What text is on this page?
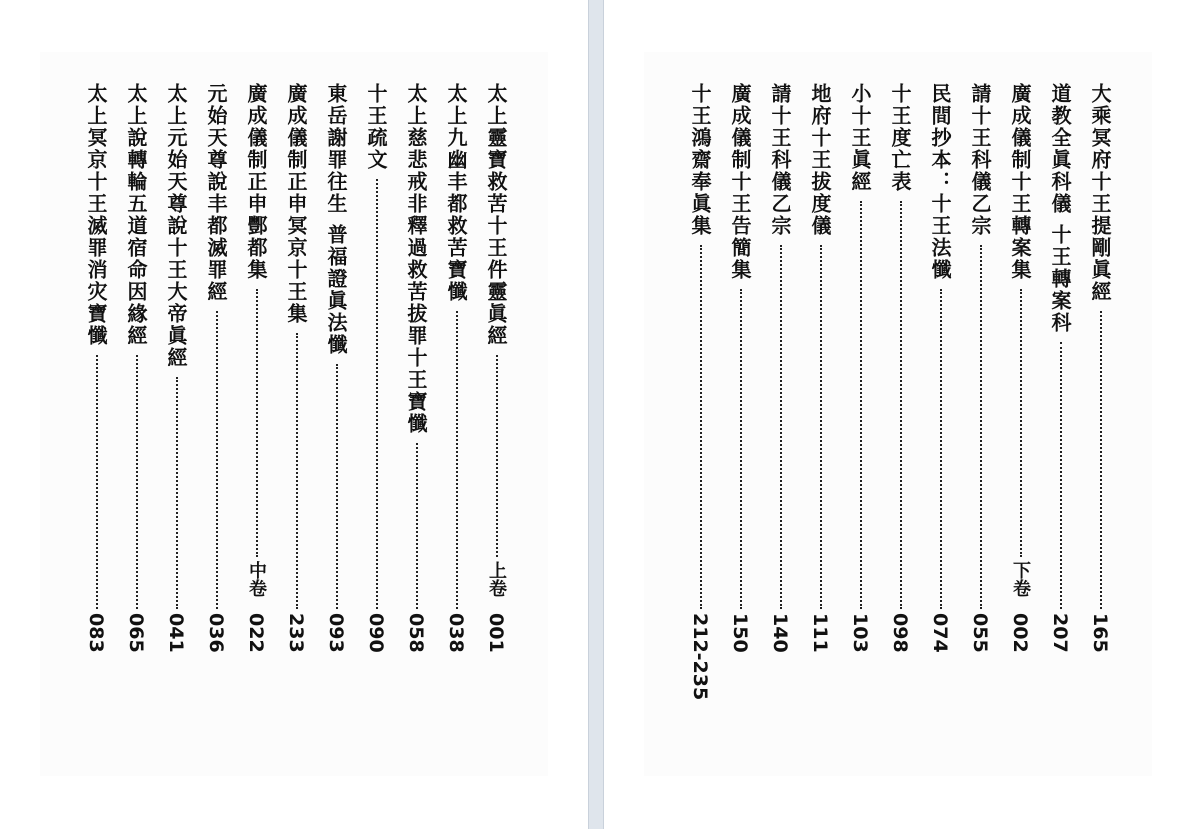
太上靈寶救苦十王件靈眞經
上卷
001
太上九幽丰都救苦寶懺
038
太上慈悲戒非釋過救苦拔罪十王寶懺
058
十王疏文
090
東岳謝罪往生 普福證眞法懺
093
廣成儀制正申冥京十王集
233
廣成儀制正申酆都集
中卷
022
元始天尊說丰都滅罪經
036
太上元始天尊說十王大帝眞經
041
太上說轉輪五道宿命因緣經
065
太上冥京十王滅罪消灾寶懺
083
大乘冥府十王提剛眞經
165
道教全眞科儀 十王轉案科
207
廣成儀制十王轉案集
下卷
002
請十王科儀乙宗
055
民間抄本：十王法懺
074
十王度亡表
098
小十王眞經
103
地府十王拔度儀
111
請十王科儀乙宗
140
廣成儀制十王告簡集
150
十王鴻齋奉眞集
212-235
